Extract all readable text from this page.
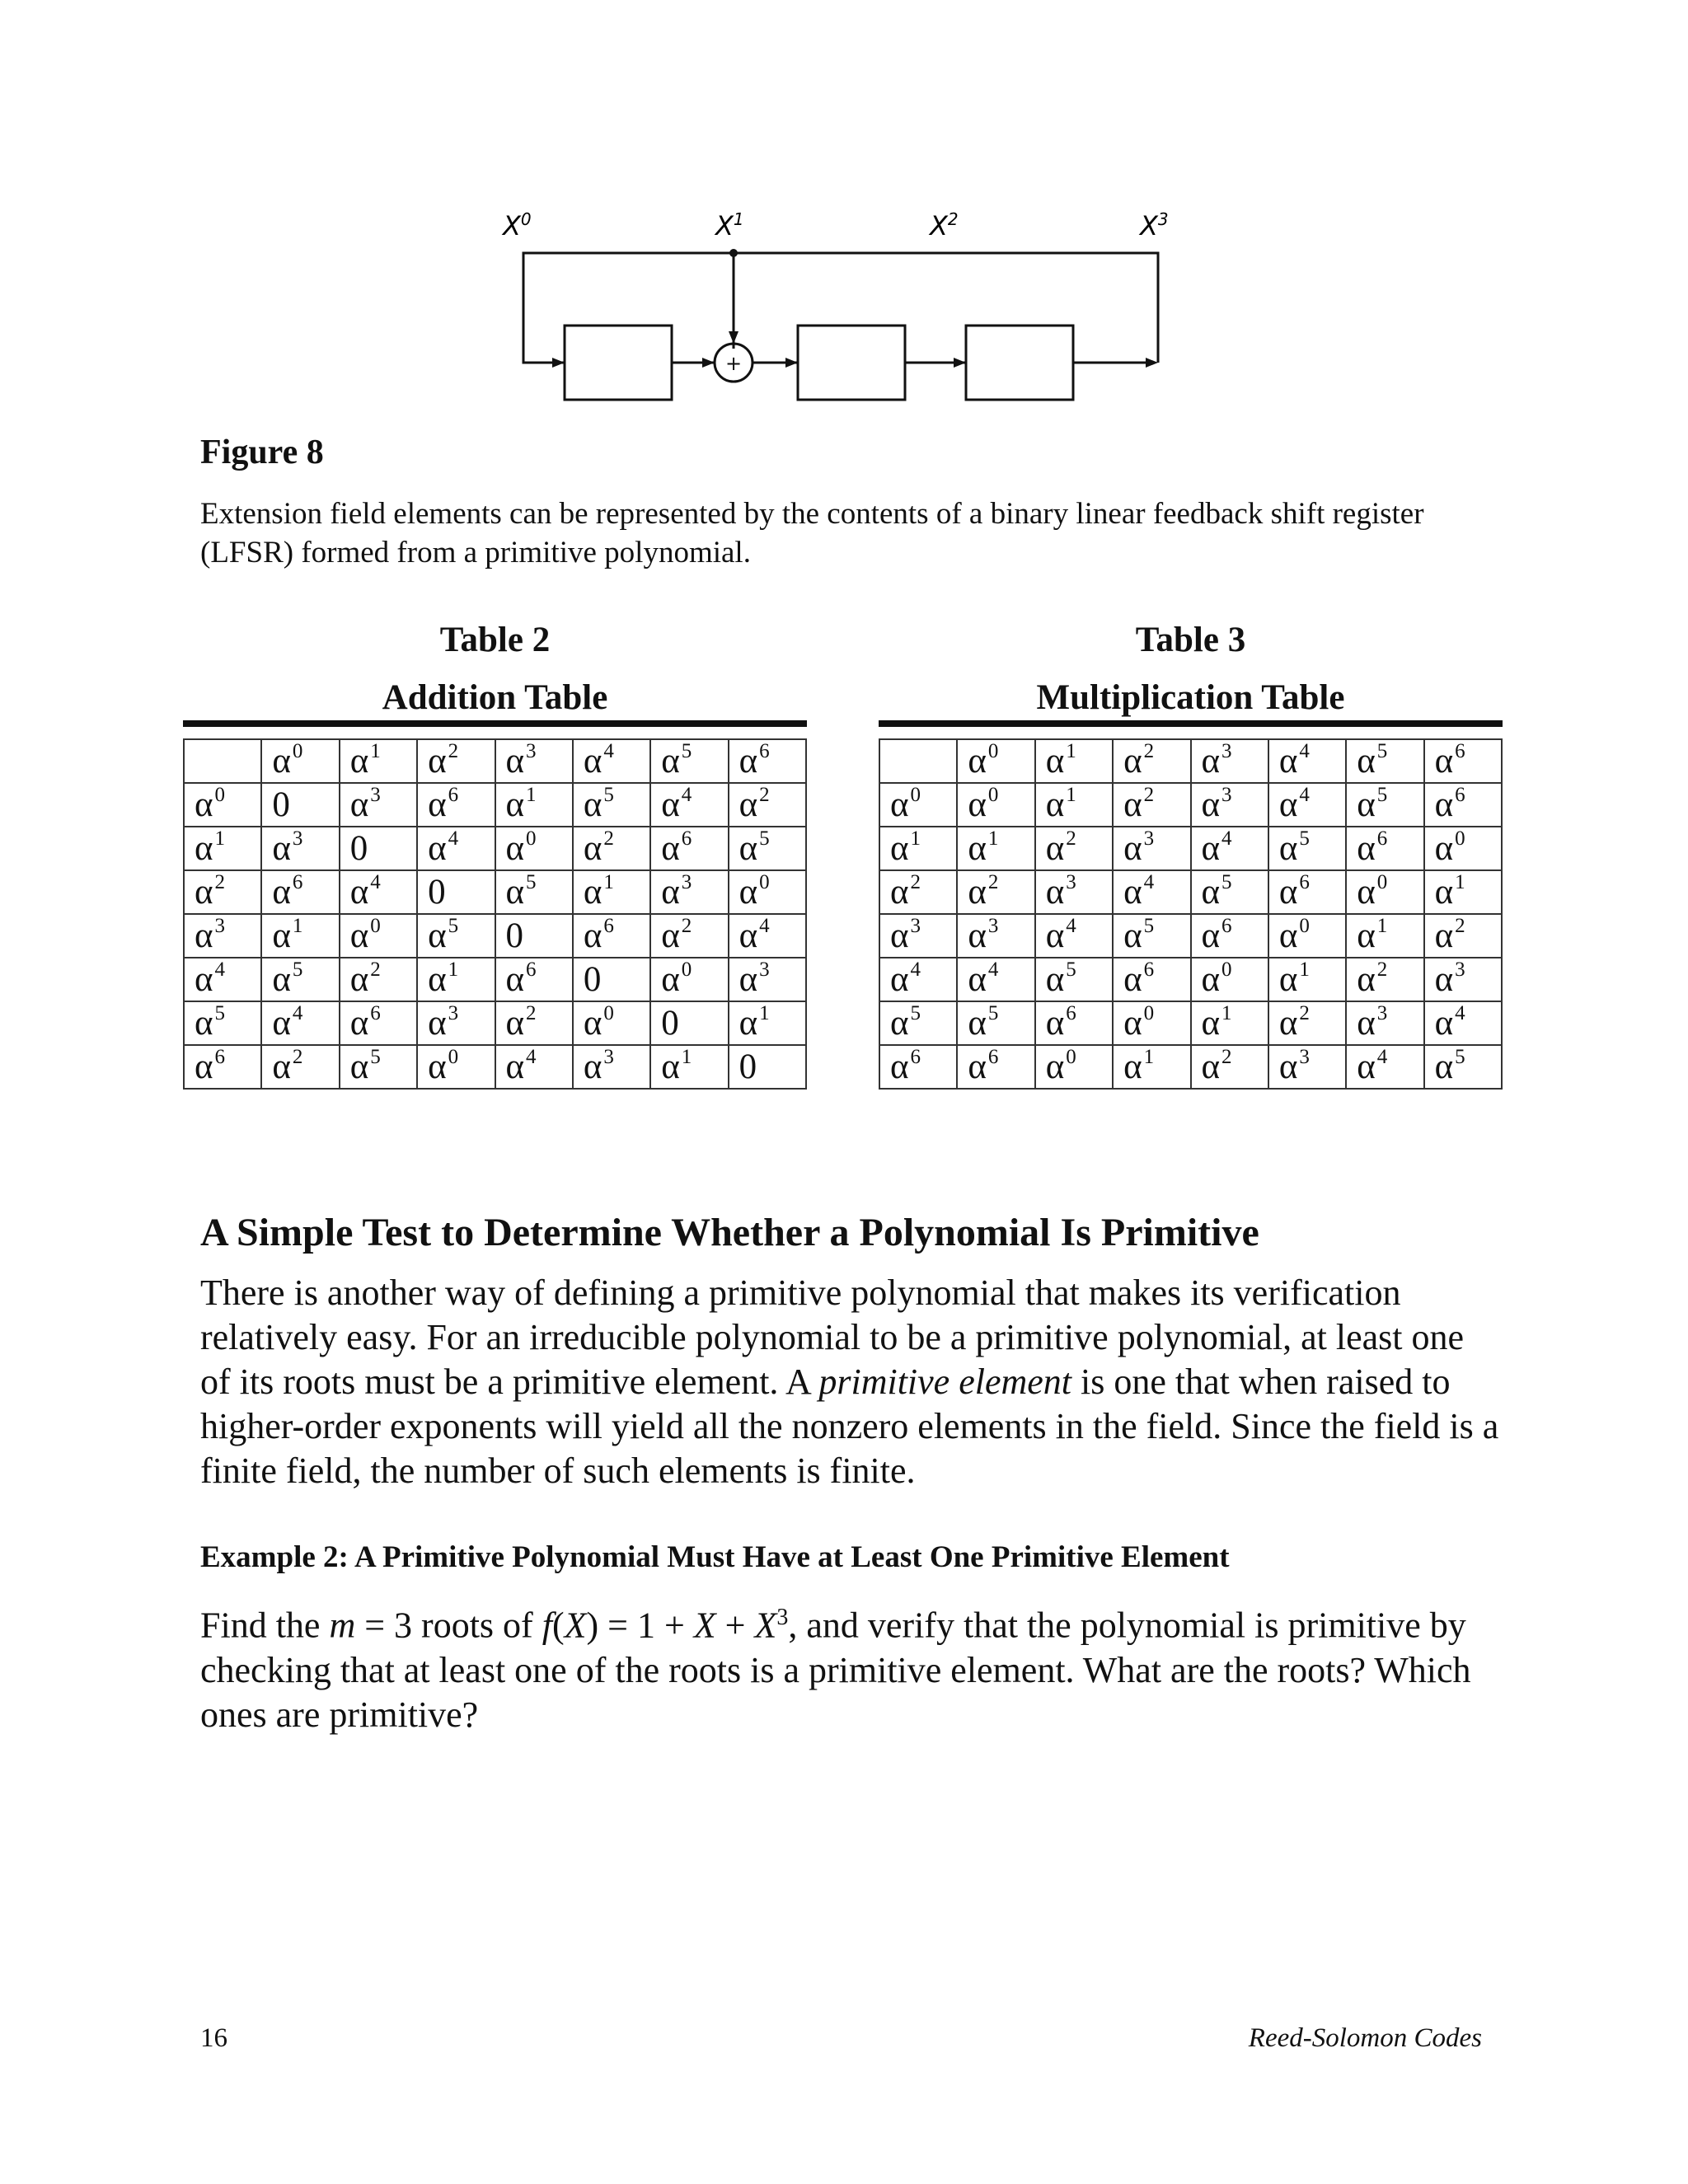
$X^0$	$X^1$	$X^2$	$X^3$
+

Figure 8

Extension field elements can be represented by the contents of a binary linear feedback shift register (LFSR) formed from a primitive polynomial.

Table 2

Addition Table

	$\alpha^0$	$\alpha^1$	$\alpha^2$	$\alpha^3$	$\alpha^4$	$\alpha^5$	$\alpha^6$
$\alpha^0$	0	$\alpha^3$	$\alpha^6$	$\alpha^1$	$\alpha^5$	$\alpha^4$	$\alpha^2$
$\alpha^1$	$\alpha^3$	0	$\alpha^4$	$\alpha^0$	$\alpha^2$	$\alpha^6$	$\alpha^5$
$\alpha^2$	$\alpha^6$	$\alpha^4$	0	$\alpha^5$	$\alpha^1$	$\alpha^3$	$\alpha^0$
$\alpha^3$	$\alpha^1$	$\alpha^0$	$\alpha^5$	0	$\alpha^6$	$\alpha^2$	$\alpha^4$
$\alpha^4$	$\alpha^5$	$\alpha^2$	$\alpha^1$	$\alpha^6$	0	$\alpha^0$	$\alpha^3$
$\alpha^5$	$\alpha^4$	$\alpha^6$	$\alpha^3$	$\alpha^2$	$\alpha^0$	0	$\alpha^1$
$\alpha^6$	$\alpha^2$	$\alpha^5$	$\alpha^0$	$\alpha^4$	$\alpha^3$	$\alpha^1$	0

Table 3

Multiplication Table

	$\alpha^0$	$\alpha^1$	$\alpha^2$	$\alpha^3$	$\alpha^4$	$\alpha^5$	$\alpha^6$
$\alpha^0$	$\alpha^0$	$\alpha^1$	$\alpha^2$	$\alpha^3$	$\alpha^4$	$\alpha^5$	$\alpha^6$
$\alpha^1$	$\alpha^1$	$\alpha^2$	$\alpha^3$	$\alpha^4$	$\alpha^5$	$\alpha^6$	$\alpha^0$
$\alpha^2$	$\alpha^2$	$\alpha^3$	$\alpha^4$	$\alpha^5$	$\alpha^6$	$\alpha^0$	$\alpha^1$
$\alpha^3$	$\alpha^3$	$\alpha^4$	$\alpha^5$	$\alpha^6$	$\alpha^0$	$\alpha^1$	$\alpha^2$
$\alpha^4$	$\alpha^4$	$\alpha^5$	$\alpha^6$	$\alpha^0$	$\alpha^1$	$\alpha^2$	$\alpha^3$
$\alpha^5$	$\alpha^5$	$\alpha^6$	$\alpha^0$	$\alpha^1$	$\alpha^2$	$\alpha^3$	$\alpha^4$
$\alpha^6$	$\alpha^6$	$\alpha^0$	$\alpha^1$	$\alpha^2$	$\alpha^3$	$\alpha^4$	$\alpha^5$
A Simple Test to Determine Whether a Polynomial Is Primitive

There is another way of defining a primitive polynomial that makes its verification relatively easy. For an irreducible polynomial to be a primitive polynomial, at least one of its roots must be a primitive element. A primitive element is one that when raised to higher-order exponents will yield all the nonzero elements in the field. Since the field is a finite field, the number of such elements is finite.

Example 2: A Primitive Polynomial Must Have at Least One Primitive Element

Find the m = 3 roots of $f(X) = 1 + X + X^3$, and verify that the polynomial is primitive by checking that at least one of the roots is a primitive element. What are the roots? Which ones are primitive?

16	Reed-Solomon Codes
